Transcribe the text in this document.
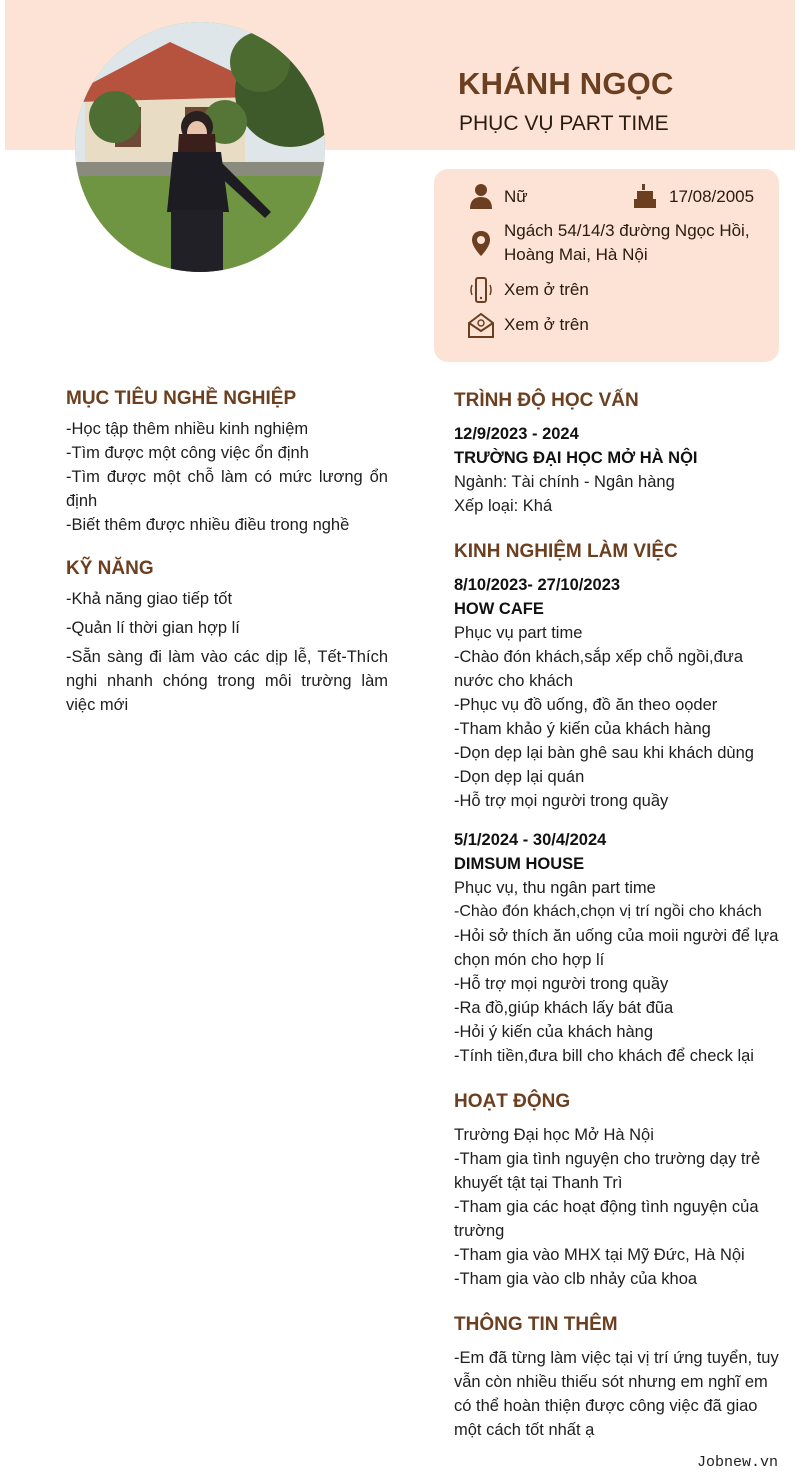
KHÁNH NGỌC
PHỤC VỤ PART TIME
Nữ	17/08/2005
Ngách 54/14/3 đường Ngọc Hồi,
Hoàng Mai, Hà Nội
Xem ở trên
Xem ở trên
MỤC TIÊU NGHỀ NGHIỆP
-Học tập thêm nhiều kinh nghiệm
-Tìm được một công việc ổn định
-Tìm được một chỗ làm có mức lương ổn định
-Biết thêm được nhiều điều trong nghề
KỸ NĂNG
-Khả năng giao tiếp tốt
-Quản lí thời gian hợp lí
-Sẵn sàng đi làm vào các dịp lễ, Tết-Thích nghi nhanh chóng trong môi trường làm việc mới
TRÌNH ĐỘ HỌC VẤN
12/9/2023 - 2024
TRƯỜNG ĐẠI HỌC MỞ HÀ NỘI
Ngành: Tài chính - Ngân hàng
Xếp loại: Khá
KINH NGHIỆM LÀM VIỆC
8/10/2023- 27/10/2023
HOW CAFE
Phục vụ part time
-Chào đón khách,sắp xếp chỗ ngồi,đưa nước cho khách
-Phục vụ đồ uống, đồ ăn theo oọder
-Tham khảo ý kiến của khách hàng
-Dọn dẹp lại bàn ghê sau khi khách dùng
-Dọn dẹp lại quán
-Hỗ trợ mọi người trong quầy
5/1/2024 - 30/4/2024
DIMSUM HOUSE
Phục vụ, thu ngân part time
-Chào đón khách,chọn vị trí ngồi cho khách
-Hỏi sở thích ăn uống của moii người để lựa chọn món cho hợp lí
-Hỗ trợ mọi người trong quầy
-Ra đồ,giúp khách lấy bát đũa
-Hỏi ý kiến của khách hàng
-Tính tiền,đưa bill cho khách để check lại
HOẠT ĐỘNG
Trường Đại học Mở Hà Nội
-Tham gia tình nguyện cho trường dạy trẻ khuyết tật tại Thanh Trì
-Tham gia các hoạt động tình nguyện của trường
-Tham gia vào MHX tại Mỹ Đức, Hà Nội
-Tham gia vào clb nhảy của khoa
THÔNG TIN THÊM
-Em đã từng làm việc tại vị trí ứng tuyển, tuy vẫn còn nhiều thiếu sót nhưng em nghĩ em có thể hoàn thiện được công việc đã giao một cách tốt nhất ạ
Jobnew.vn
